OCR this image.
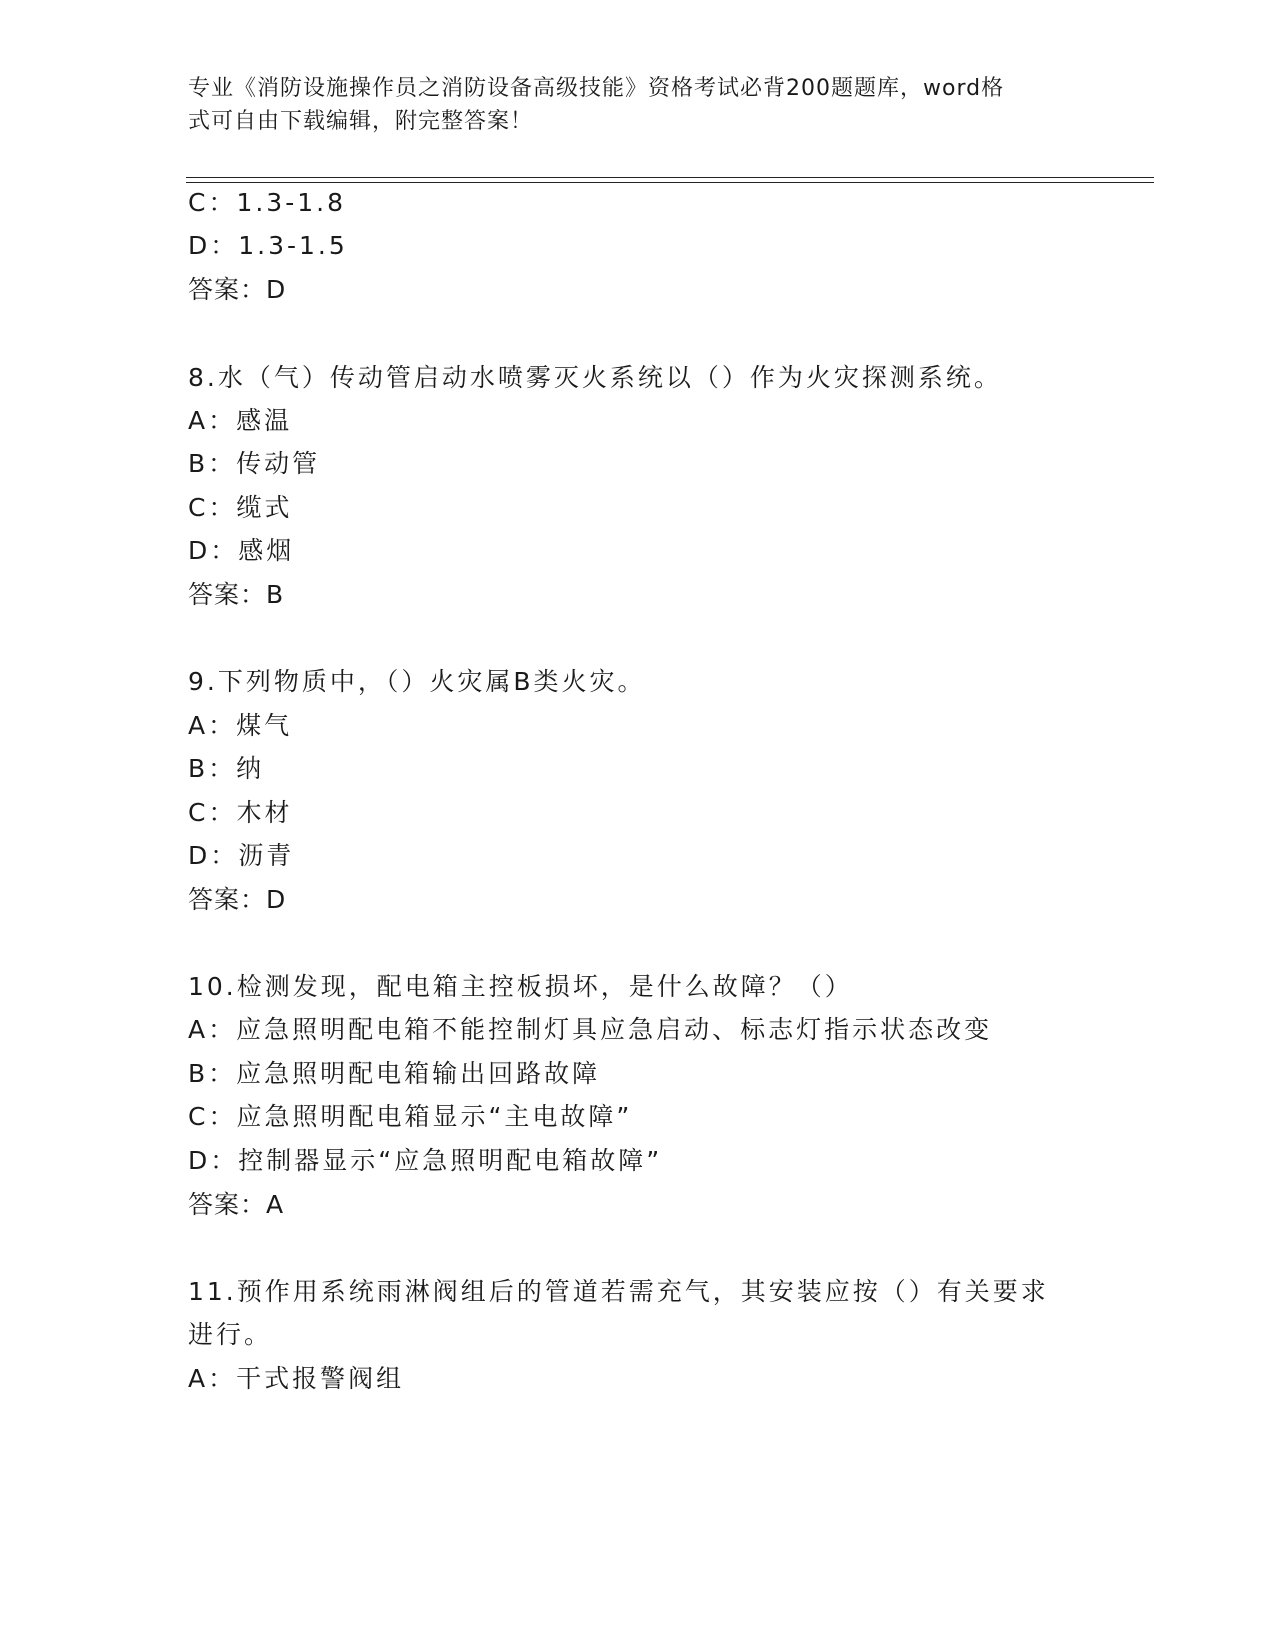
专业《消防设施操作员之消防设备高级技能》资格考试必背200题题库，word格
式可自由下载编辑，附完整答案！
C：1.3-1.8
D：1.3-1.5
答案：D
8.水（气）传动管启动水喷雾灭火系统以（）作为火灾探测系统。
A：感温
B：传动管
C：缆式
D：感烟
答案：B
9.下列物质中，（）火灾属B类火灾。
A：煤气
B：纳
C：木材
D：沥青
答案：D
10.检测发现，配电箱主控板损坏，是什么故障？（）
A：应急照明配电箱不能控制灯具应急启动、标志灯指示状态改变
B：应急照明配电箱输出回路故障
C：应急照明配电箱显示“主电故障”
D：控制器显示“应急照明配电箱故障”
答案：A
11.预作用系统雨淋阀组后的管道若需充气，其安装应按（）有关要求
进行。
A：干式报警阀组
